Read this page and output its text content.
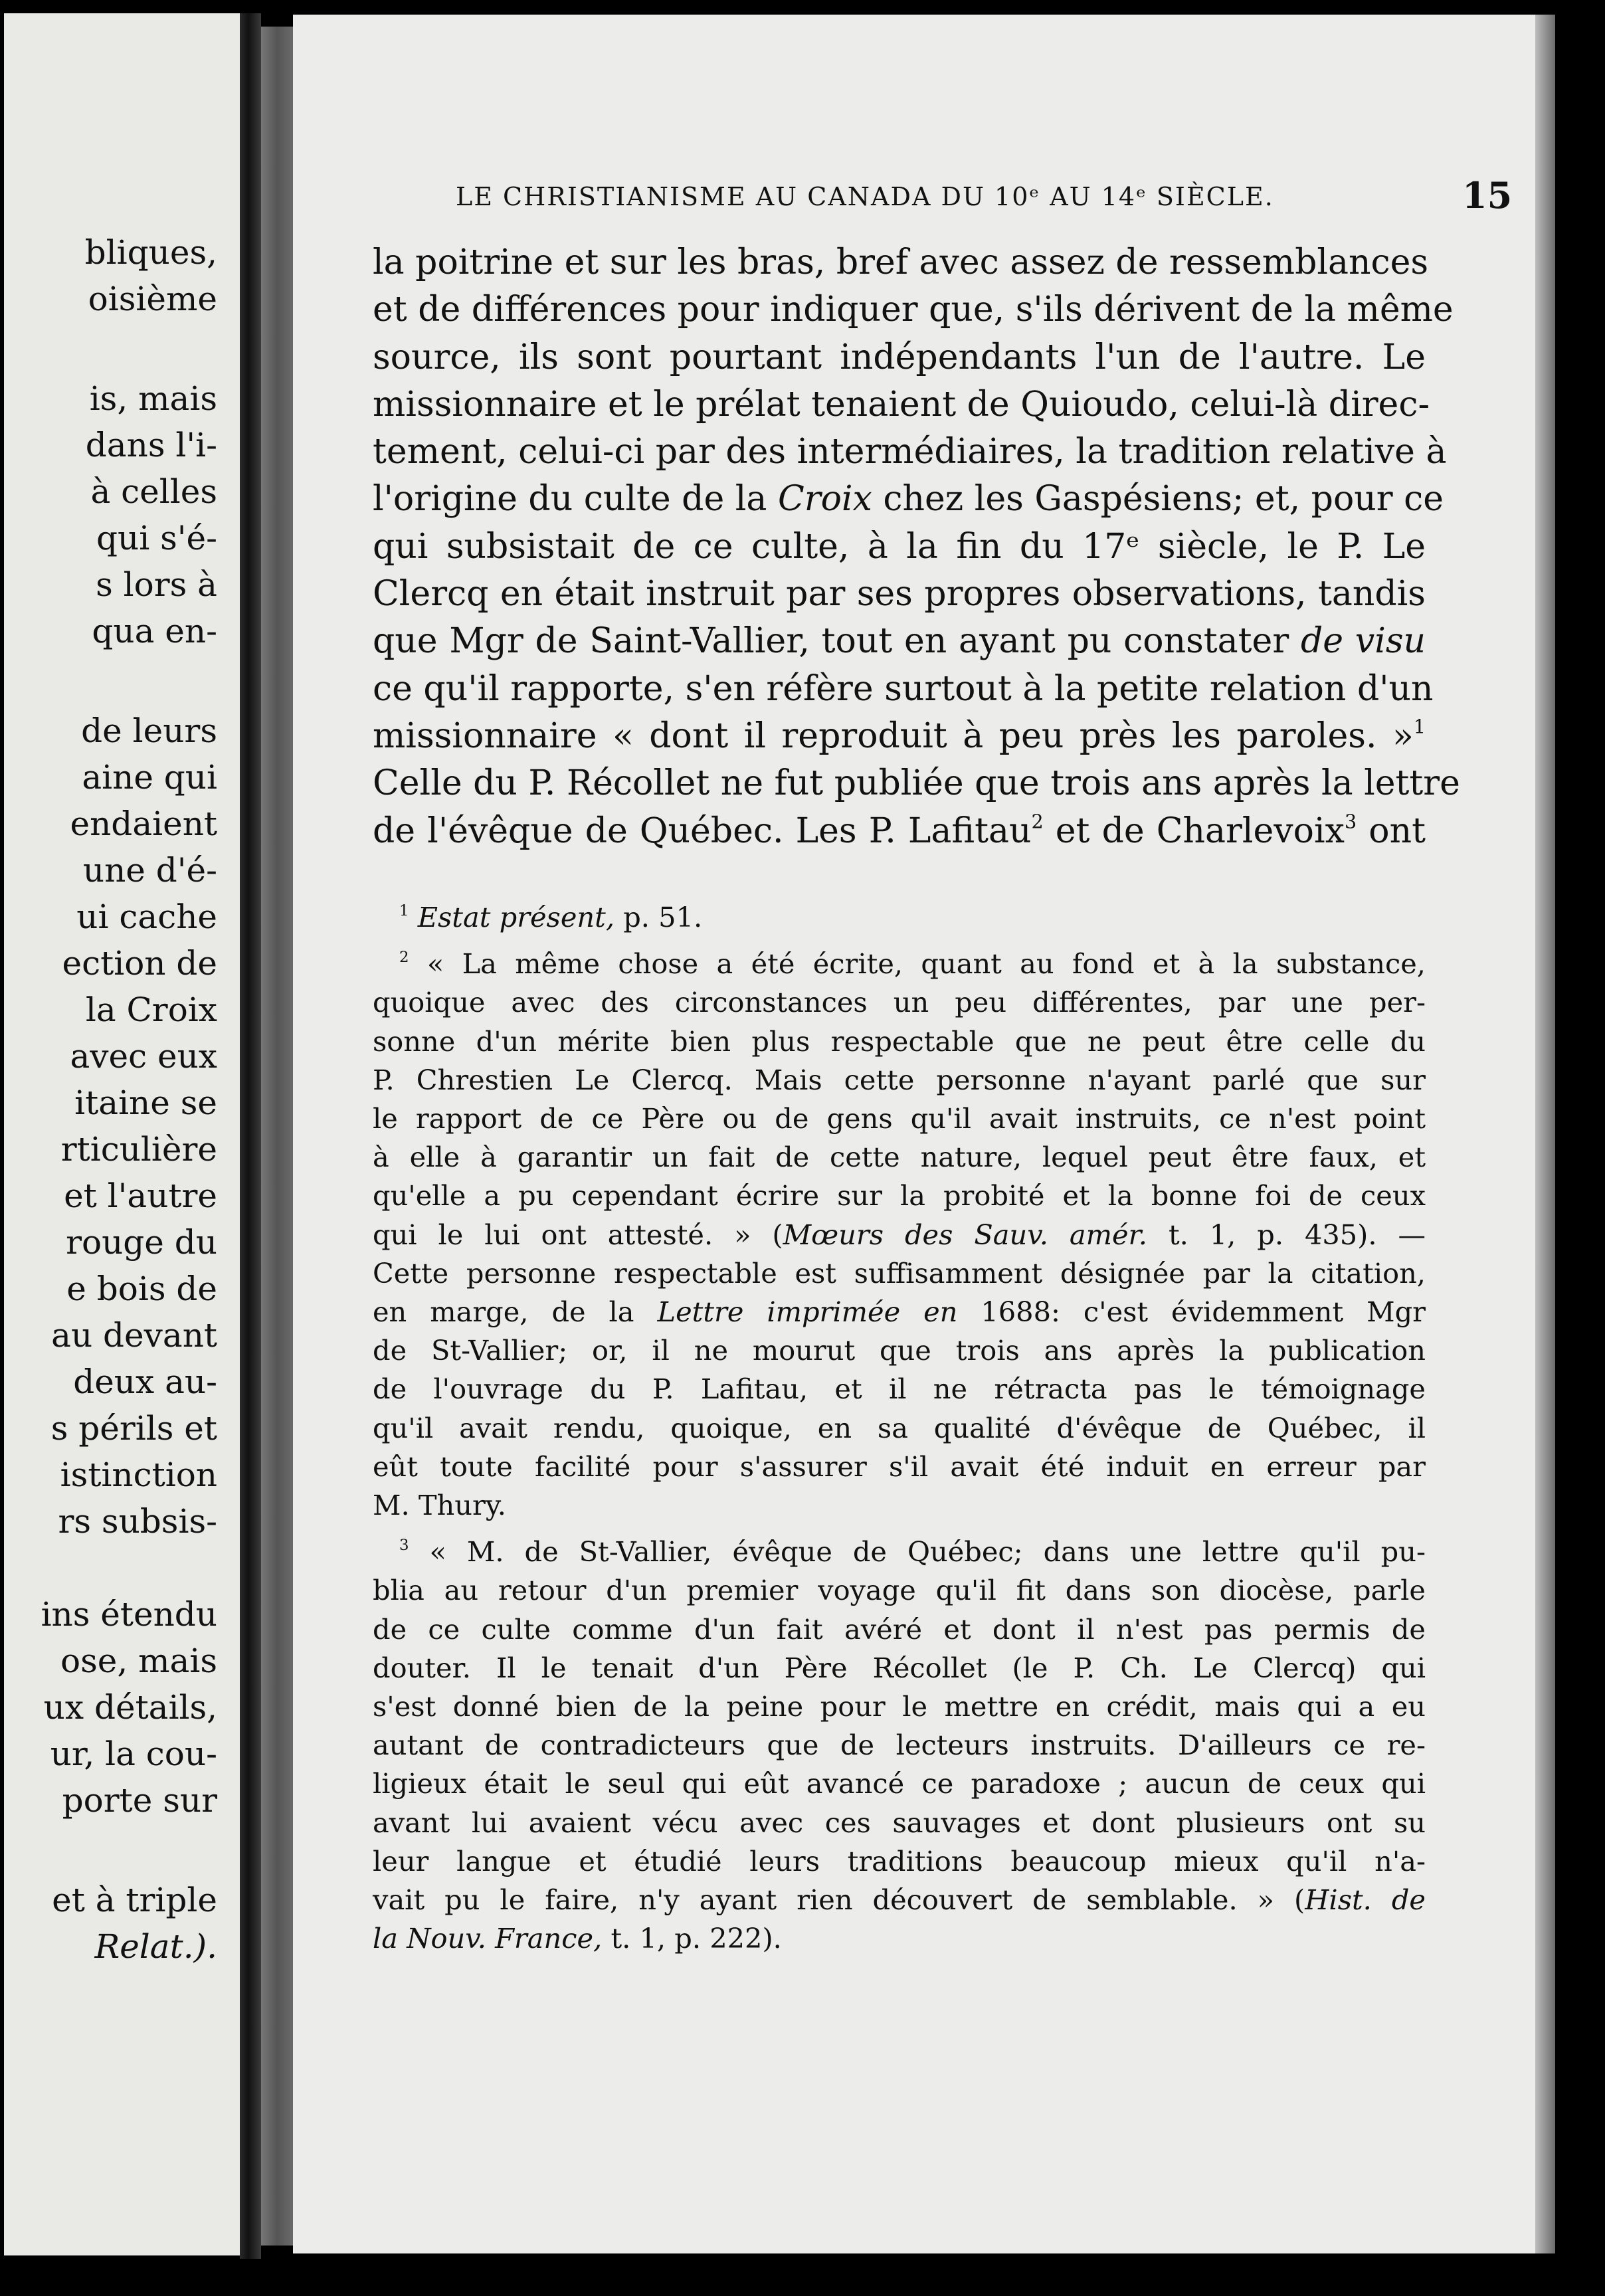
bliques,
oisième
is, mais
dans l'i-
à celles
qui s'é-
s lors à
qua en-
de leurs
aine qui
endaient
une d'é-
ui cache
ection de
la Croix
avec eux
itaine se
rticulière
et l'autre
rouge du
e bois de
au devant
deux au-
s périls et
istinction
rs subsis-
ins étendu
ose, mais
ux détails,
ur, la cou-
porte sur
et à triple
Relat.).
LE CHRISTIANISME AU CANADA DU 10ᵉ AU 14ᵉ SIÈCLE.	15
la poitrine et sur les bras, bref avec assez de ressemblances
et de différences pour indiquer que, s'ils dérivent de la même
source, ils sont pourtant indépendants l'un de l'autre. Le
missionnaire et le prélat tenaient de Quioudo, celui-là direc-
tement, celui-ci par des intermédiaires, la tradition relative à
l'origine du culte de la Croix chez les Gaspésiens; et, pour ce
qui subsistait de ce culte, à la fin du 17ᵉ siècle, le P. Le
Clercq en était instruit par ses propres observations, tandis
que Mgr de Saint-Vallier, tout en ayant pu constater de visu
ce qu'il rapporte, s'en réfère surtout à la petite relation d'un
missionnaire « dont il reproduit à peu près les paroles. »$^1$
Celle du P. Récollet ne fut publiée que trois ans après la lettre
de l'évêque de Québec. Les P. Lafitau$^2$ et de Charlevoix$^3$ ont
$^1$ Estat présent, p. 51.
$^2$ « La même chose a été écrite, quant au fond et à la substance,
quoique avec des circonstances un peu différentes, par une per-
sonne d'un mérite bien plus respectable que ne peut être celle du
P. Chrestien Le Clercq. Mais cette personne n'ayant parlé que sur
le rapport de ce Père ou de gens qu'il avait instruits, ce n'est point
à elle à garantir un fait de cette nature, lequel peut être faux, et
qu'elle a pu cependant écrire sur la probité et la bonne foi de ceux
qui le lui ont attesté. » (Mœurs des Sauv. amér. t. 1, p. 435). —
Cette personne respectable est suffisamment désignée par la citation,
en marge, de la Lettre imprimée en 1688: c'est évidemment Mgr
de St-Vallier; or, il ne mourut que trois ans après la publication
de l'ouvrage du P. Lafitau, et il ne rétracta pas le témoignage
qu'il avait rendu, quoique, en sa qualité d'évêque de Québec, il
eût toute facilité pour s'assurer s'il avait été induit en erreur par
M. Thury.
$^3$ « M. de St-Vallier, évêque de Québec; dans une lettre qu'il pu-
blia au retour d'un premier voyage qu'il fit dans son diocèse, parle
de ce culte comme d'un fait avéré et dont il n'est pas permis de
douter. Il le tenait d'un Père Récollet (le P. Ch. Le Clercq) qui
s'est donné bien de la peine pour le mettre en crédit, mais qui a eu
autant de contradicteurs que de lecteurs instruits. D'ailleurs ce re-
ligieux était le seul qui eût avancé ce paradoxe ; aucun de ceux qui
avant lui avaient vécu avec ces sauvages et dont plusieurs ont su
leur langue et étudié leurs traditions beaucoup mieux qu'il n'a-
vait pu le faire, n'y ayant rien découvert de semblable. » (Hist. de
la Nouv. France, t. 1, p. 222).
